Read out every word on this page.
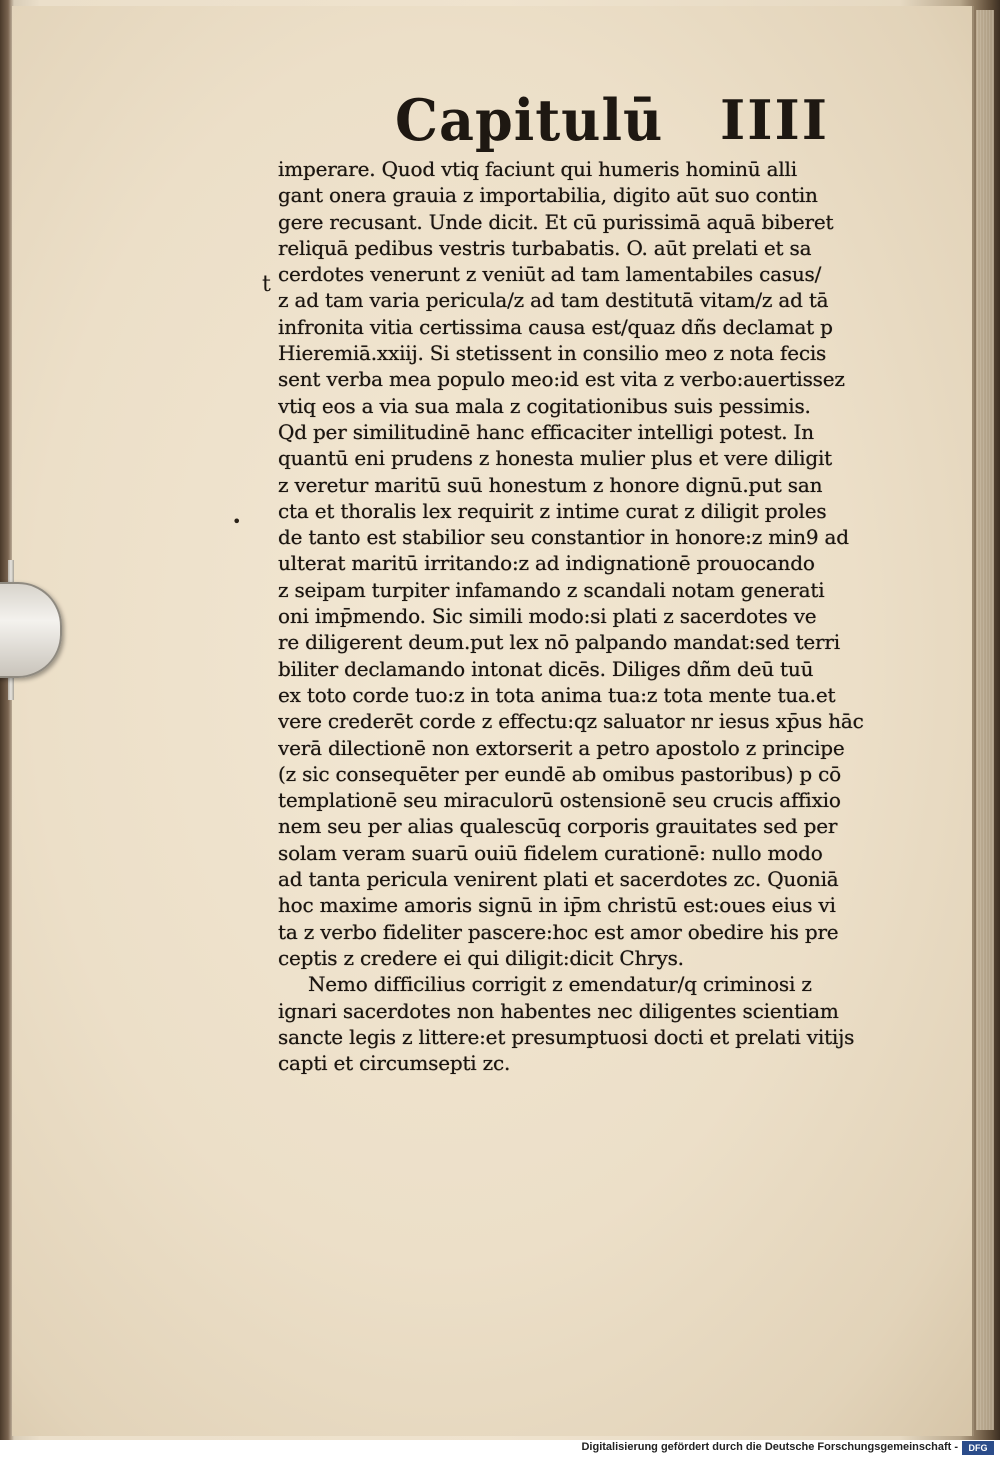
Capitulū IIII
t
•
imperare. Quod vtiq faciunt qui humeris hominū alli
gant onera grauia z importabilia, digito aūt suo contin
gere recusant. Unde dicit. Et cū purissimā aquā biberet
reliquā pedibus vestris turbabatis. O. aūt prelati et sa
cerdotes venerunt z veniūt ad tam lamentabiles casus/
z ad tam varia pericula/z ad tam destitutā vitam/z ad tā
infronita vitia certissima causa est/quaz dñs declamat p
Hieremiā.xxiij. Si stetissent in consilio meo z nota fecis
sent verba mea populo meo:id est vita z verbo:auertissez
vtiq eos a via sua mala z cogitationibus suis pessimis.
Qd per similitudinē hanc efficaciter intelligi potest. In
quantū eni prudens z honesta mulier plus et vere diligit
z veretur maritū suū honestum z honore dignū.put san
cta et thoralis lex requirit z intime curat z diligit proles
de tanto est stabilior seu constantior in honore:z min9 ad
ulterat maritū irritando:z ad indignationē prouocando
z seipam turpiter infamando z scandali notam generati
oni imp̄mendo. Sic simili modo:si plati z sacerdotes ve
re diligerent deum.put lex nō palpando mandat:sed terri
biliter declamando intonat dicēs. Diliges dñm deū tuū
ex toto corde tuo:z in tota anima tua:z tota mente tua.et
vere crederēt corde z effectu:qz saluator nr iesus xp̄us hāc
verā dilectionē non extorserit a petro apostolo z principe
(z sic consequēter per eundē ab omibus pastoribus) p cō
templationē seu miraculorū ostensionē seu crucis affixio
nem seu per alias qualescūq corporis grauitates sed per
solam veram suarū ouiū fidelem curationē: nullo modo
ad tanta pericula venirent plati et sacerdotes zc. Quoniā
hoc maxime amoris signū in ip̄m christū est:oues eius vi
ta z verbo fideliter pascere:hoc est amor obedire his pre
ceptis z credere ei qui diligit:dicit Chrys.
Nemo difficilius corrigit z emendatur/q criminosi z
ignari sacerdotes non habentes nec diligentes scientiam
sancte legis z littere:et presumptuosi docti et prelati vitijs
capti et circumsepti zc.
Digitalisierung gefördert durch die Deutsche Forschungsgemeinschaft -	DFG
